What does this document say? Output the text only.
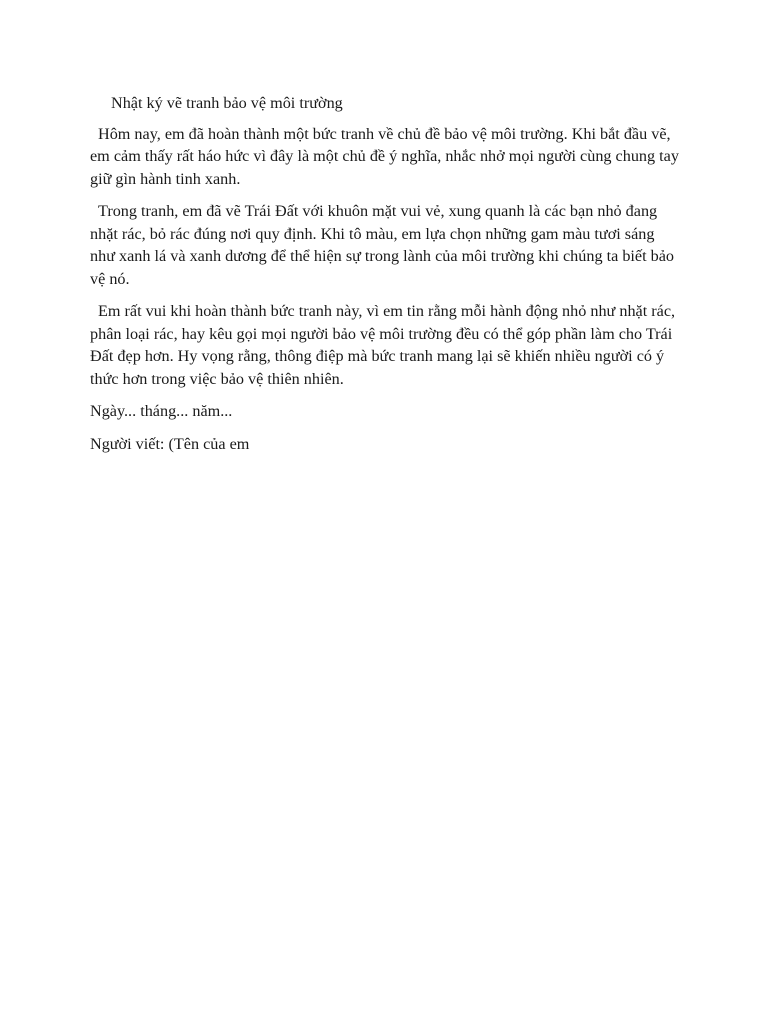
Nhật ký vẽ tranh bảo vệ môi trường

Hôm nay, em đã hoàn thành một bức tranh về chủ đề bảo vệ môi trường. Khi bắt đầu vẽ, em cảm thấy rất háo hức vì đây là một chủ đề ý nghĩa, nhắc nhở mọi người cùng chung tay giữ gìn hành tinh xanh.

Trong tranh, em đã vẽ Trái Đất với khuôn mặt vui vẻ, xung quanh là các bạn nhỏ đang nhặt rác, bỏ rác đúng nơi quy định. Khi tô màu, em lựa chọn những gam màu tươi sáng như xanh lá và xanh dương để thể hiện sự trong lành của môi trường khi chúng ta biết bảo vệ nó.

Em rất vui khi hoàn thành bức tranh này, vì em tin rằng mỗi hành động nhỏ như nhặt rác, phân loại rác, hay kêu gọi mọi người bảo vệ môi trường đều có thể góp phần làm cho Trái Đất đẹp hơn. Hy vọng rằng, thông điệp mà bức tranh mang lại sẽ khiến nhiều người có ý thức hơn trong việc bảo vệ thiên nhiên.

Ngày... tháng... năm...

Người viết: (Tên của em
